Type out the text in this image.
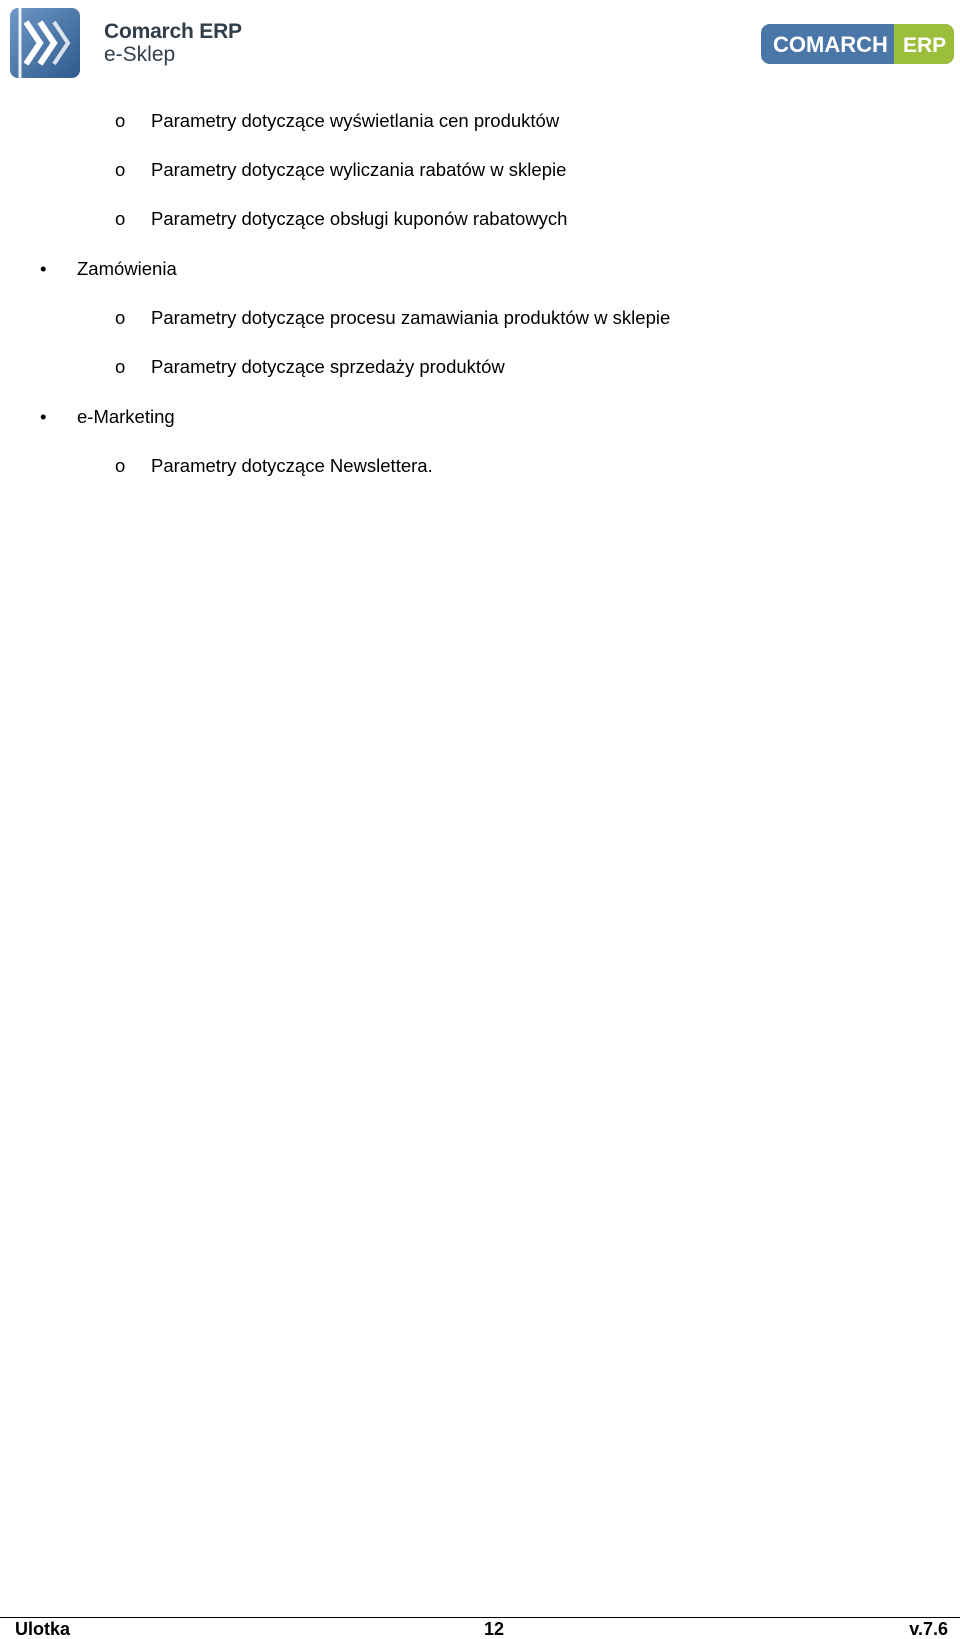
Comarch ERP
e-Sklep	COMARCH ERP
o Parametry dotyczące wyświetlania cen produktów
o Parametry dotyczące wyliczania rabatów w sklepie
o Parametry dotyczące obsługi kuponów rabatowych
• Zamówienia
o Parametry dotyczące procesu zamawiania produktów w sklepie
o Parametry dotyczące sprzedaży produktów
• e-Marketing
o Parametry dotyczące Newslettera.
Ulotka	12	v.7.6
